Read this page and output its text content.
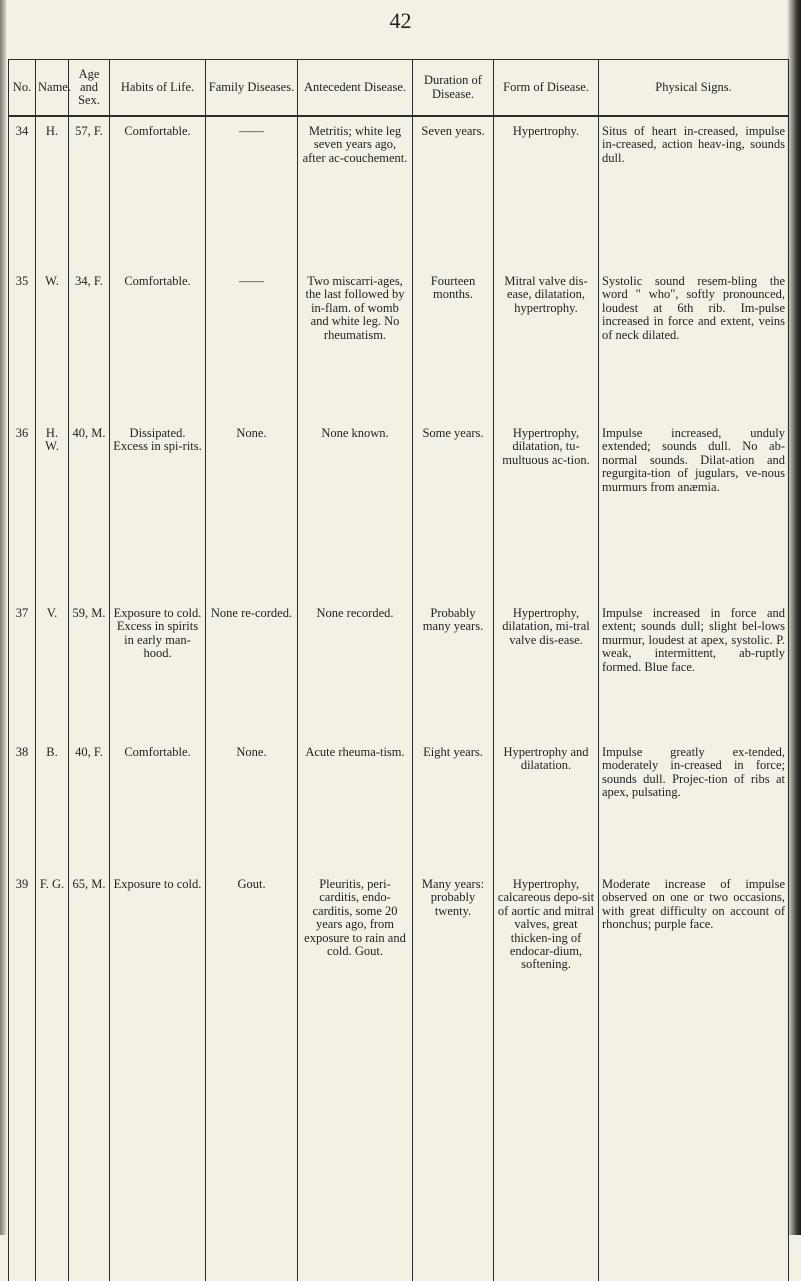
42
No.	Name.	Age and Sex.	Habits of Life.	Family Diseases.	Antecedent Disease.	Duration of Disease.	Form of Disease.	Physical Signs.
34	H.	57, F.	Comfortable.	——	Metritis; white leg seven years ago, after ac-couchement.	Seven years.	Hypertrophy.	Situs of heart in-creased, impulse in-creased, action heav-ing, sounds dull.
35	W.	34, F.	Comfortable.	——	Two miscarri-ages, the last followed by in-flam. of womb and white leg. No rheumatism.	Fourteen months.	Mitral valve dis-ease, dilatation, hypertrophy.	Systolic sound resem-bling the word " who", softly pronounced, loudest at 6th rib. Im-pulse increased in force and extent, veins of neck dilated.
36	H. W.	40, M.	Dissipated. Excess in spi-rits.	None.	None known.	Some years.	Hypertrophy, dilatation, tu-multuous ac-tion.	Impulse increased, unduly extended; sounds dull. No ab-normal sounds. Dilat-ation and regurgita-tion of jugulars, ve-nous murmurs from anæmia.
37	V.	59, M.	Exposure to cold. Excess in spirits in early man-hood.	None re-corded.	None recorded.	Probably many years.	Hypertrophy, dilatation, mi-tral valve dis-ease.	Impulse increased in force and extent; sounds dull; slight bel-lows murmur, loudest at apex, systolic. P. weak, intermittent, ab-ruptly formed. Blue face.
38	B.	40, F.	Comfortable.	None.	Acute rheuma-tism.	Eight years.	Hypertrophy and dilatation.	Impulse greatly ex-tended, moderately in-creased in force; sounds dull. Projec-tion of ribs at apex, pulsating.
39	F. G.	65, M.	Exposure to cold.	Gout.	Pleuritis, peri-carditis, endo-carditis, some 20 years ago, from exposure to rain and cold. Gout.	Many years: probably twenty.	Hypertrophy, calcareous depo-sit of aortic and mitral valves, great thicken-ing of endocar-dium, softening.	Moderate increase of impulse observed on one or two occasions, with great difficulty on account of rhonchus; purple face.
